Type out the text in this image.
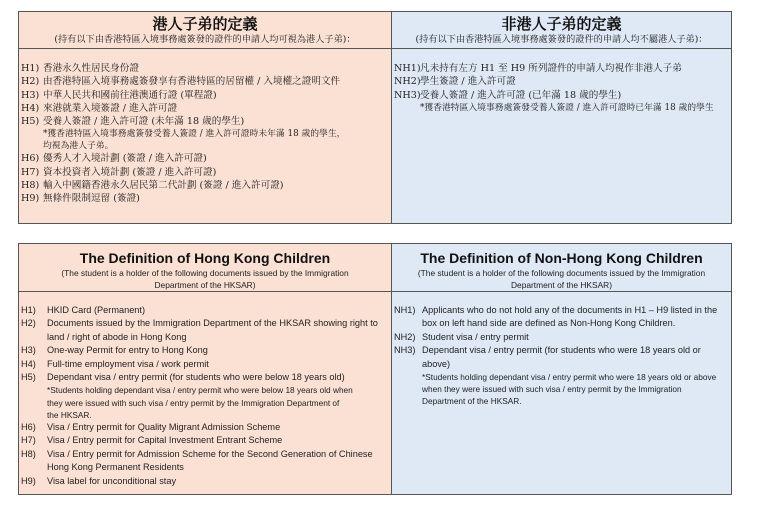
港人子弟的定義
(持有以下由香港特區入境事務處簽發的證件的申請人均可視為港人子弟)：
非港人子弟的定義
(持有以下由香港特區入境事務處簽發的證件的申請人均不屬港人子弟)：
H1) 香港永久性居民身份證
H2) 由香港特區入境事務處簽發享有香港特區的居留權 / 入境權之證明文件
H3) 中華人民共和國前往港澳通行證 (單程證)
H4) 來港就業入境簽證 / 進入許可證
H5) 受養人簽證 / 進入許可證 (未年滿 18 歲的學生)
*獲香港特區入境事務處簽發受養人簽證 / 進入許可證時未年滿 18 歲的學生，均視為港人子弟。
H6) 優秀人才入境計劃 (簽證 / 進入許可證)
H7) 資本投資者入境計劃 (簽證 / 進入許可證)
H8) 輸入中國籍香港永久居民第二代計劃 (簽證 / 進入許可證)
H9) 無條件限制逗留 (簽證)
NH1) 凡未持有左方 H1 至 H9 所列證件的申請人均視作非港人子弟
NH2) 學生簽證 / 進入許可證
NH3) 受養人簽證 / 進入許可證 (已年滿 18 歲的學生)
*獲香港特區入境事務處簽發受養人簽證 / 進入許可證時已年滿 18 歲的學生
The Definition of Hong Kong Children
(The student is a holder of the following documents issued by the Immigration Department of the HKSAR)
The Definition of Non-Hong Kong Children
(The student is a holder of the following documents issued by the Immigration Department of the HKSAR)
H1)	HKID Card (Permanent)
H2)	Documents issued by the Immigration Department of the HKSAR showing right to land / right of abode in Hong Kong
H3)	One-way Permit for entry to Hong Kong
H4)	Full-time employment visa / work permit
H5)	Dependant visa / entry permit (for students who were below 18 years old)
*Students holding dependant visa / entry permit who were below 18 years old when they were issued with such visa / entry permit by the Immigration Department of the HKSAR.
H6)	Visa / Entry permit for Quality Migrant Admission Scheme
H7)	Visa / Entry permit for Capital Investment Entrant Scheme
H8)	Visa / Entry permit for Admission Scheme for the Second Generation of Chinese Hong Kong Permanent Residents
H9)	Visa label for unconditional stay
NH1) Applicants who do not hold any of the documents in H1 – H9 listed in the box on left hand side are defined as Non-Hong Kong Children.
NH2) Student visa / entry permit
NH3) Dependant visa / entry permit (for students who were 18 years old or above)
*Students holding dependant visa / entry permit who were 18 years old or above when they were issued with such visa / entry permit by the Immigration Department of the HKSAR.
